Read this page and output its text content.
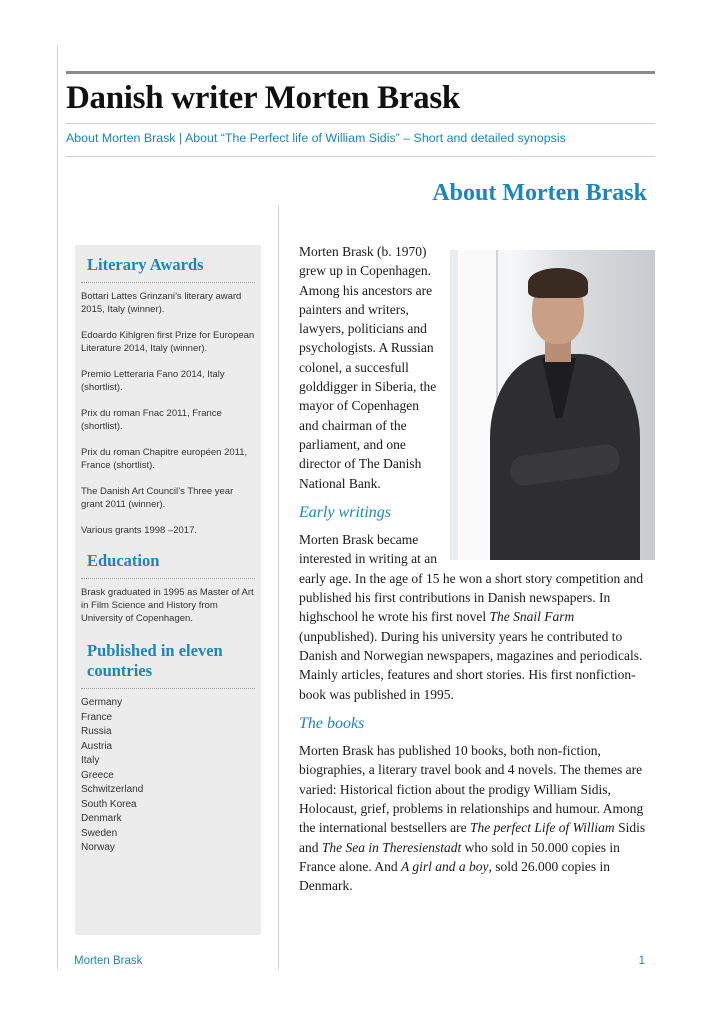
Danish writer Morten Brask
About Morten Brask | About “The Perfect life of William Sidis” – Short and detailed synopsis
About Morten Brask
Literary Awards

Bottari Lattes Grinzani’s literary award 2015, Italy (winner).

Edoardo Kihlgren first Prize for European Literature 2014, Italy (winner).

Premio Letteraria Fano 2014, Italy (shortlist).

Prix du roman Fnac 2011, France (shortlist).

Prix du roman Chapitre européen 2011, France (shortlist).

The Danish Art Council’s Three year grant 2011 (winner).

Various grants 1998 –2017.

Education

Brask graduated in 1995 as Master of Art in Film Science and History from University of Copenhagen.

Published in eleven
countries
Germany
France
Russia
Austria
Italy
Greece
Schwitzerland
South Korea
Denmark
Sweden
Norway

Morten Brask (b. 1970) grew up in Copenhagen. Among his ancestors are painters and writers, lawyers, politicians and psychologists. A Russian colonel, a succesfull golddigger in Siberia, the mayor of Copenhagen and chairman of the parliament, and one director of The Danish National Bank.

Early writings

Morten Brask became interested in writing at an early age. In the age of 15 he won a short story competition and published his first contributions in Danish newspapers. In highschool he wrote his first novel The Snail Farm (unpublished). During his university years he contributed to Danish and Norwegian newspapers, magazines and periodicals. Mainly articles, features and short stories. His first nonfiction-book was published in 1995.

The books

Morten Brask has published 10 books, both non-fiction, biographies, a literary travel book and 4 novels. The themes are varied: Historical fiction about the prodigy William Sidis, Holocaust, grief, problems in relationships and humour. Among the international bestsellers are The perfect Life of William Sidis and The Sea in Theresienstadt who sold in 50.000 copies in France alone. And A girl and a boy, sold 26.000 copies in Denmark.

Morten Brask	1
